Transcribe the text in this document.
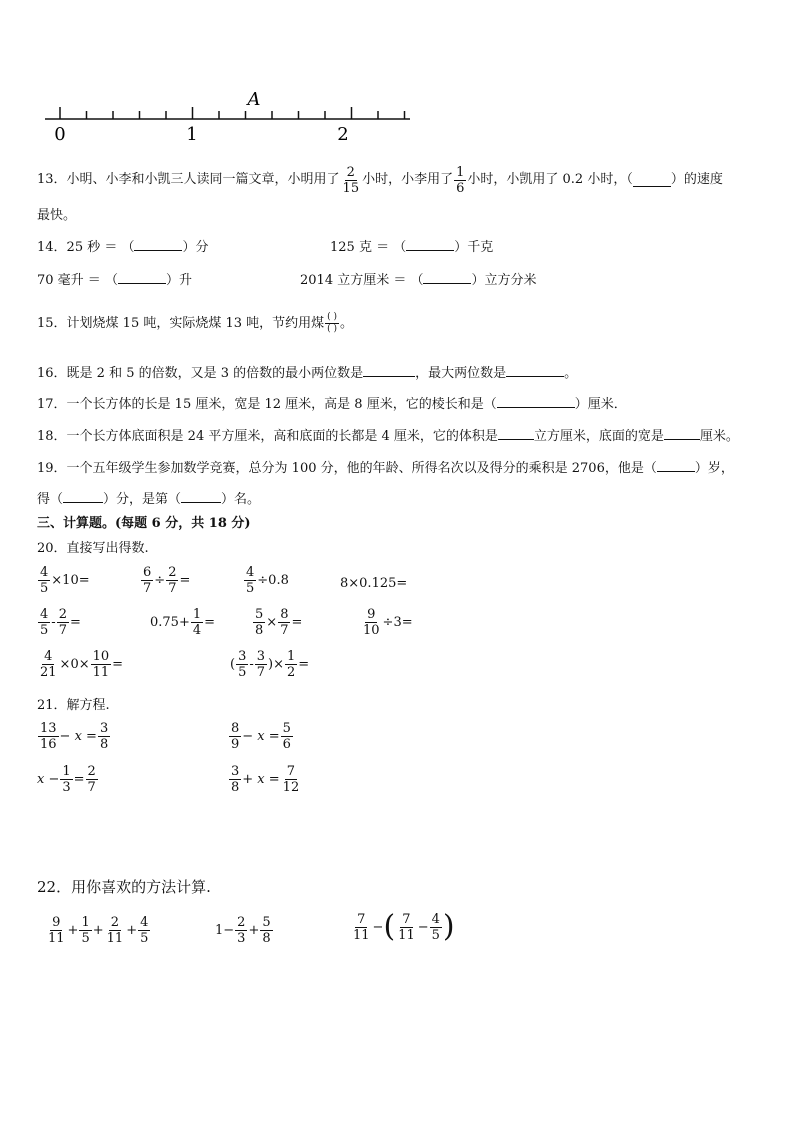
0	1	2
A
13．小明、小李和小凯三人读同一篇文章，小明用了 $\frac{2}{15}$ 小时，小李用了 $\frac{1}{6}$ 小时，小凯用了 0.2 小时，（	）的速度
最快。
14．25 秒 ＝ （	）分	125 克 ＝ （	）千克
70 毫升 ＝ （	）升	2014 立方厘米 ＝ （	）立方分米
15．计划烧煤 15 吨，实际烧煤 13 吨，节约用煤 $\frac{( )}{( )}$ 。
16．既是 2 和 5 的倍数，又是 3 的倍数的最小两位数是	，最大两位数是	。
17．一个长方体的长是 15 厘米，宽是 12 厘米，高是 8 厘米，它的棱长和是（	）厘米．
18．一个长方体底面积是 24 平方厘米，高和底面的长都是 4 厘米，它的体积是	立方厘米，底面的宽是	厘米。
19．一个五年级学生参加数学竞赛，总分为 100 分，他的年龄、所得名次以及得分的乘积是 2706，他是（	）岁，
得（	）分，是第（	）名。
三、计算题。(每题 6 分，共 18 分)
20．直接写出得数.
$\frac{4}{5} \times 10=$	$\frac{6}{7} \div \frac{2}{7}$ =	$\frac{4}{5} \div 0.8$	8×0.125=
$\frac{4}{5} - \frac{2}{7}$ =	$0.75+ \frac{1}{4}$ =	$\frac{5}{8} \times \frac{8}{7}$ =	$\frac{9}{10} \div 3=$
$\frac{4}{21} \times 0\times \frac{10}{11}$ =	( $\frac{3}{5} - \frac{3}{7}$ )× $\frac{1}{2}$ =
21．解方程.
$\frac{13}{16} - x = \frac{3}{8}$	$\frac{8}{9} - x = \frac{5}{6}$
$x - \frac{1}{3} = \frac{2}{7}$	$\frac{3}{8} + x = \frac{7}{12}$
22．用你喜欢的方法计算.
$\frac{9}{11} + \frac{1}{5} + \frac{2}{11} + \frac{4}{5}$	$1- \frac{2}{3} + \frac{5}{8}$	$\frac{7}{11}$ − ( $\frac{7}{11} - \frac{4}{5}$ )
